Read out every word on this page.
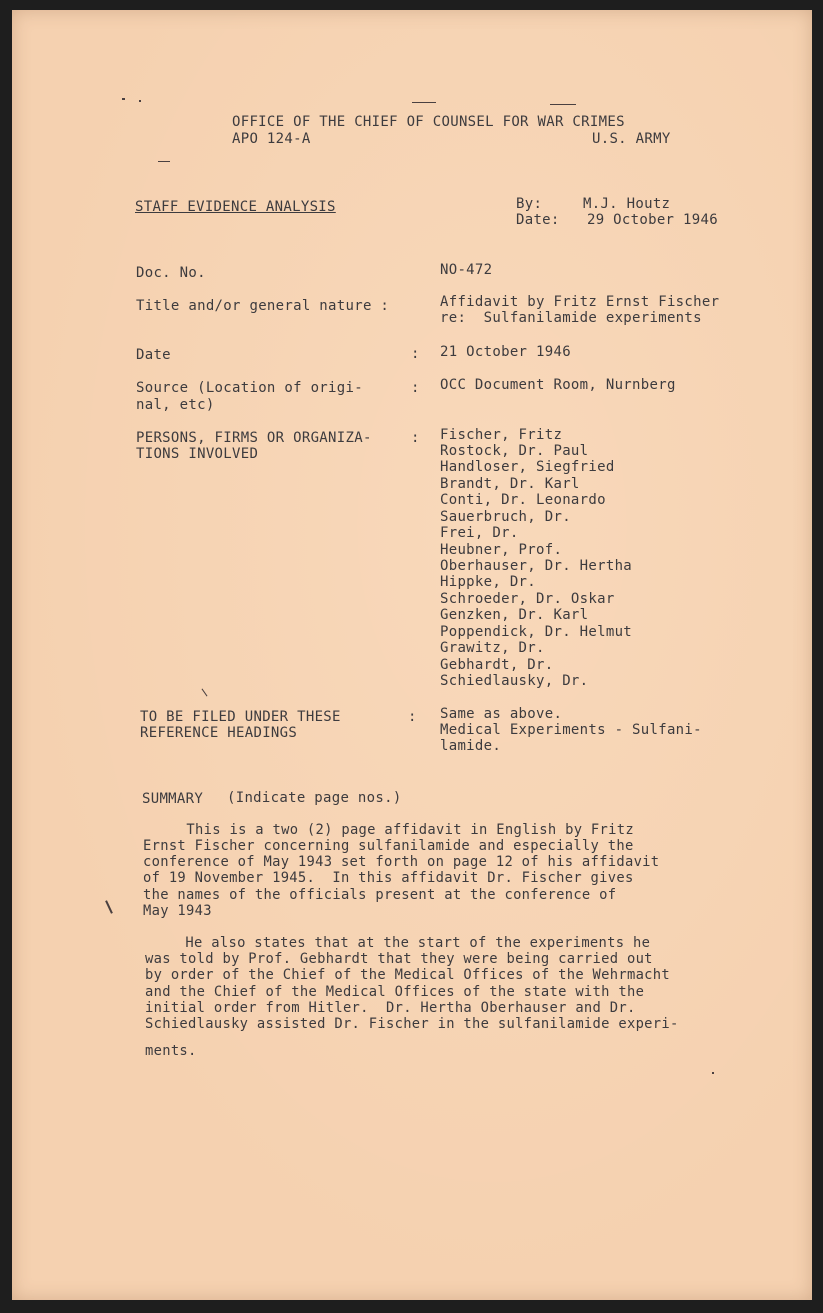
OFFICE OF THE CHIEF OF COUNSEL FOR WAR CRIMES
APO 124-A	U.S. ARMY
STAFF EVIDENCE ANALYSIS	By:	M.J. Houtz
Date: 29 October 1946
Doc. No.	NO-472
Title and/or general nature :	Affidavit by Fritz Ernst Fischer
re:  Sulfanilamide experiments
Date	: 21 October 1946
Source (Location of origi-
nal, etc)
: OCC Document Room, Nurnberg
PERSONS, FIRMS OR ORGANIZA-
TIONS INVOLVED
: Fischer, Fritz
Rostock, Dr. Paul
Handloser, Siegfried
Brandt, Dr. Karl
Conti, Dr. Leonardo
Sauerbruch, Dr.
Frei, Dr.
Heubner, Prof.
Oberhauser, Dr. Hertha
Hippke, Dr.
Schroeder, Dr. Oskar
Genzken, Dr. Karl
Poppendick, Dr. Helmut
Grawitz, Dr.
Gebhardt, Dr.
Schiedlausky, Dr.
TO BE FILED UNDER THESE
REFERENCE HEADINGS
: Same as above.
Medical Experiments - Sulfani-
lamide.
SUMMARY (Indicate page nos.)
This is a two (2) page affidavit in English by Fritz
Ernst Fischer concerning sulfanilamide and especially the
conference of May 1943 set forth on page 12 of his affidavit
of 19 November 1945.  In this affidavit Dr. Fischer gives
the names of the officials present at the conference of
May 1943
He also states that at the start of the experiments he
was told by Prof. Gebhardt that they were being carried out
by order of the Chief of the Medical Offices of the Wehrmacht
and the Chief of the Medical Offices of the state with the
initial order from Hitler.  Dr. Hertha Oberhauser and Dr.
Schiedlausky assisted Dr. Fischer in the sulfanilamide experi-
ments.
